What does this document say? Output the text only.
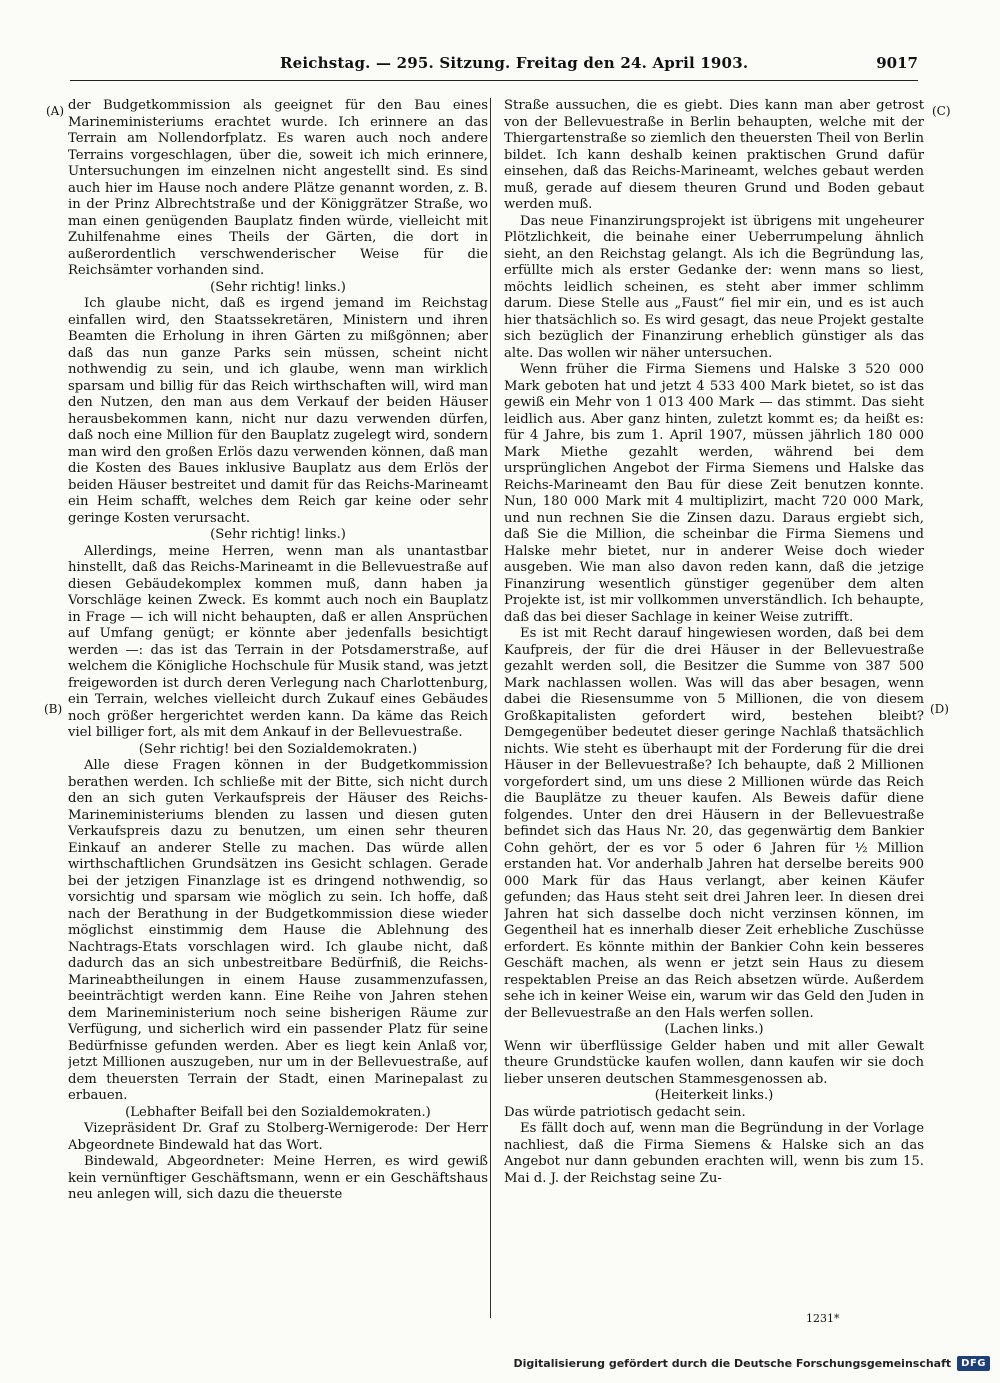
Reichstag. — 295. Sitzung. Freitag den 24. April 1903.	9017
(A)
(B)
(C)
(D)

der Budgetkommission als geeignet für den Bau eines Marineministeriums erachtet wurde. Ich erinnere an das Terrain am Nollendorfplatz. Es waren auch noch andere Terrains vorgeschlagen, über die, soweit ich mich erinnere, Untersuchungen im einzelnen nicht angestellt sind. Es sind auch hier im Hause noch andere Plätze genannt worden, z. B. in der Prinz Albrechtstraße und der Königgrätzer Straße, wo man einen genügenden Bauplatz finden würde, vielleicht mit Zuhilfenahme eines Theils der Gärten, die dort in außerordentlich verschwenderischer Weise für die Reichsämter vorhanden sind.

(Sehr richtig! links.)

Ich glaube nicht, daß es irgend jemand im Reichstag einfallen wird, den Staatssekretären, Ministern und ihren Beamten die Erholung in ihren Gärten zu mißgönnen; aber daß das nun ganze Parks sein müssen, scheint nicht nothwendig zu sein, und ich glaube, wenn man wirklich sparsam und billig für das Reich wirthschaften will, wird man den Nutzen, den man aus dem Verkauf der beiden Häuser herausbekommen kann, nicht nur dazu verwenden dürfen, daß noch eine Million für den Bauplatz zugelegt wird, sondern man wird den großen Erlös dazu verwenden können, daß man die Kosten des Baues inklusive Bauplatz aus dem Erlös der beiden Häuser bestreitet und damit für das Reichs-Marineamt ein Heim schafft, welches dem Reich gar keine oder sehr geringe Kosten verursacht.

(Sehr richtig! links.)

Allerdings, meine Herren, wenn man als unantastbar hinstellt, daß das Reichs-Marineamt in die Bellevuestraße auf diesen Gebäudekomplex kommen muß, dann haben ja Vorschläge keinen Zweck. Es kommt auch noch ein Bauplatz in Frage — ich will nicht behaupten, daß er allen Ansprüchen auf Umfang genügt; er könnte aber jedenfalls besichtigt werden —: das ist das Terrain in der Potsdamerstraße, auf welchem die Königliche Hochschule für Musik stand, was jetzt freigeworden ist durch deren Verlegung nach Charlottenburg, ein Terrain, welches vielleicht durch Zukauf eines Gebäudes noch größer hergerichtet werden kann. Da käme das Reich viel billiger fort, als mit dem Ankauf in der Bellevuestraße.

(Sehr richtig! bei den Sozialdemokraten.)

Alle diese Fragen können in der Budgetkommission berathen werden. Ich schließe mit der Bitte, sich nicht durch den an sich guten Verkaufspreis der Häuser des Reichs-Marineministeriums blenden zu lassen und diesen guten Verkaufspreis dazu zu benutzen, um einen sehr theuren Einkauf an anderer Stelle zu machen. Das würde allen wirthschaftlichen Grundsätzen ins Gesicht schlagen. Gerade bei der jetzigen Finanzlage ist es dringend nothwendig, so vorsichtig und sparsam wie möglich zu sein. Ich hoffe, daß nach der Berathung in der Budgetkommission diese wieder möglichst einstimmig dem Hause die Ablehnung des Nachtrags-Etats vorschlagen wird. Ich glaube nicht, daß dadurch das an sich unbestreitbare Bedürfniß, die Reichs-Marineabtheilungen in einem Hause zusammenzufassen, beeinträchtigt werden kann. Eine Reihe von Jahren stehen dem Marineministerium noch seine bisherigen Räume zur Verfügung, und sicherlich wird ein passender Platz für seine Bedürfnisse gefunden werden. Aber es liegt kein Anlaß vor, jetzt Millionen auszugeben, nur um in der Bellevuestraße, auf dem theuersten Terrain der Stadt, einen Marinepalast zu erbauen.

(Lebhafter Beifall bei den Sozialdemokraten.)

Vizepräsident Dr. Graf zu Stolberg-Wernigerode: Der Herr Abgeordnete Bindewald hat das Wort.

Bindewald, Abgeordneter: Meine Herren, es wird gewiß kein vernünftiger Geschäftsmann, wenn er ein Geschäftshaus neu anlegen will, sich dazu die theuerste

Straße aussuchen, die es giebt. Dies kann man aber getrost von der Bellevuestraße in Berlin behaupten, welche mit der Thiergartenstraße so ziemlich den theuersten Theil von Berlin bildet. Ich kann deshalb keinen praktischen Grund dafür einsehen, daß das Reichs-Marineamt, welches gebaut werden muß, gerade auf diesem theuren Grund und Boden gebaut werden muß.

Das neue Finanzirungsprojekt ist übrigens mit ungeheurer Plötzlichkeit, die beinahe einer Ueberrumpelung ähnlich sieht, an den Reichstag gelangt. Als ich die Begründung las, erfüllte mich als erster Gedanke der: wenn mans so liest, möchts leidlich scheinen, es steht aber immer schlimm darum. Diese Stelle aus „Faust“ fiel mir ein, und es ist auch hier thatsächlich so. Es wird gesagt, das neue Projekt gestalte sich bezüglich der Finanzirung erheblich günstiger als das alte. Das wollen wir näher untersuchen.

Wenn früher die Firma Siemens und Halske 3 520 000 Mark geboten hat und jetzt 4 533 400 Mark bietet, so ist das gewiß ein Mehr von 1 013 400 Mark — das stimmt. Das sieht leidlich aus. Aber ganz hinten, zuletzt kommt es; da heißt es: für 4 Jahre, bis zum 1. April 1907, müssen jährlich 180 000 Mark Miethe gezahlt werden, während bei dem ursprünglichen Angebot der Firma Siemens und Halske das Reichs-Marineamt den Bau für diese Zeit benutzen konnte. Nun, 180 000 Mark mit 4 multiplizirt, macht 720 000 Mark, und nun rechnen Sie die Zinsen dazu. Daraus ergiebt sich, daß Sie die Million, die scheinbar die Firma Siemens und Halske mehr bietet, nur in anderer Weise doch wieder ausgeben. Wie man also davon reden kann, daß die jetzige Finanzirung wesentlich günstiger gegenüber dem alten Projekte ist, ist mir vollkommen unverständlich. Ich behaupte, daß das bei dieser Sachlage in keiner Weise zutrifft.

Es ist mit Recht darauf hingewiesen worden, daß bei dem Kaufpreis, der für die drei Häuser in der Bellevuestraße gezahlt werden soll, die Besitzer die Summe von 387 500 Mark nachlassen wollen. Was will das aber besagen, wenn dabei die Riesensumme von 5 Millionen, die von diesem Großkapitalisten gefordert wird, bestehen bleibt? Demgegenüber bedeutet dieser geringe Nachlaß thatsächlich nichts. Wie steht es überhaupt mit der Forderung für die drei Häuser in der Bellevuestraße? Ich behaupte, daß 2 Millionen vorgefordert sind, um uns diese 2 Millionen würde das Reich die Bauplätze zu theuer kaufen. Als Beweis dafür diene folgendes. Unter den drei Häusern in der Bellevuestraße befindet sich das Haus Nr. 20, das gegenwärtig dem Bankier Cohn gehört, der es vor 5 oder 6 Jahren für ½ Million erstanden hat. Vor anderhalb Jahren hat derselbe bereits 900 000 Mark für das Haus verlangt, aber keinen Käufer gefunden; das Haus steht seit drei Jahren leer. In diesen drei Jahren hat sich dasselbe doch nicht verzinsen können, im Gegentheil hat es innerhalb dieser Zeit erhebliche Zuschüsse erfordert. Es könnte mithin der Bankier Cohn kein besseres Geschäft machen, als wenn er jetzt sein Haus zu diesem respektablen Preise an das Reich absetzen würde. Außerdem sehe ich in keiner Weise ein, warum wir das Geld den Juden in der Bellevuestraße an den Hals werfen sollen.

(Lachen links.)

Wenn wir überflüssige Gelder haben und mit aller Gewalt theure Grundstücke kaufen wollen, dann kaufen wir sie doch lieber unseren deutschen Stammesgenossen ab.

(Heiterkeit links.)

Das würde patriotisch gedacht sein.

Es fällt doch auf, wenn man die Begründung in der Vorlage nachliest, daß die Firma Siemens & Halske sich an das Angebot nur dann gebunden erachten will, wenn bis zum 15. Mai d. J. der Reichstag seine Zu-

1231*
Digitalisierung gefördert durch die Deutsche Forschungsgemeinschaft	DFG
